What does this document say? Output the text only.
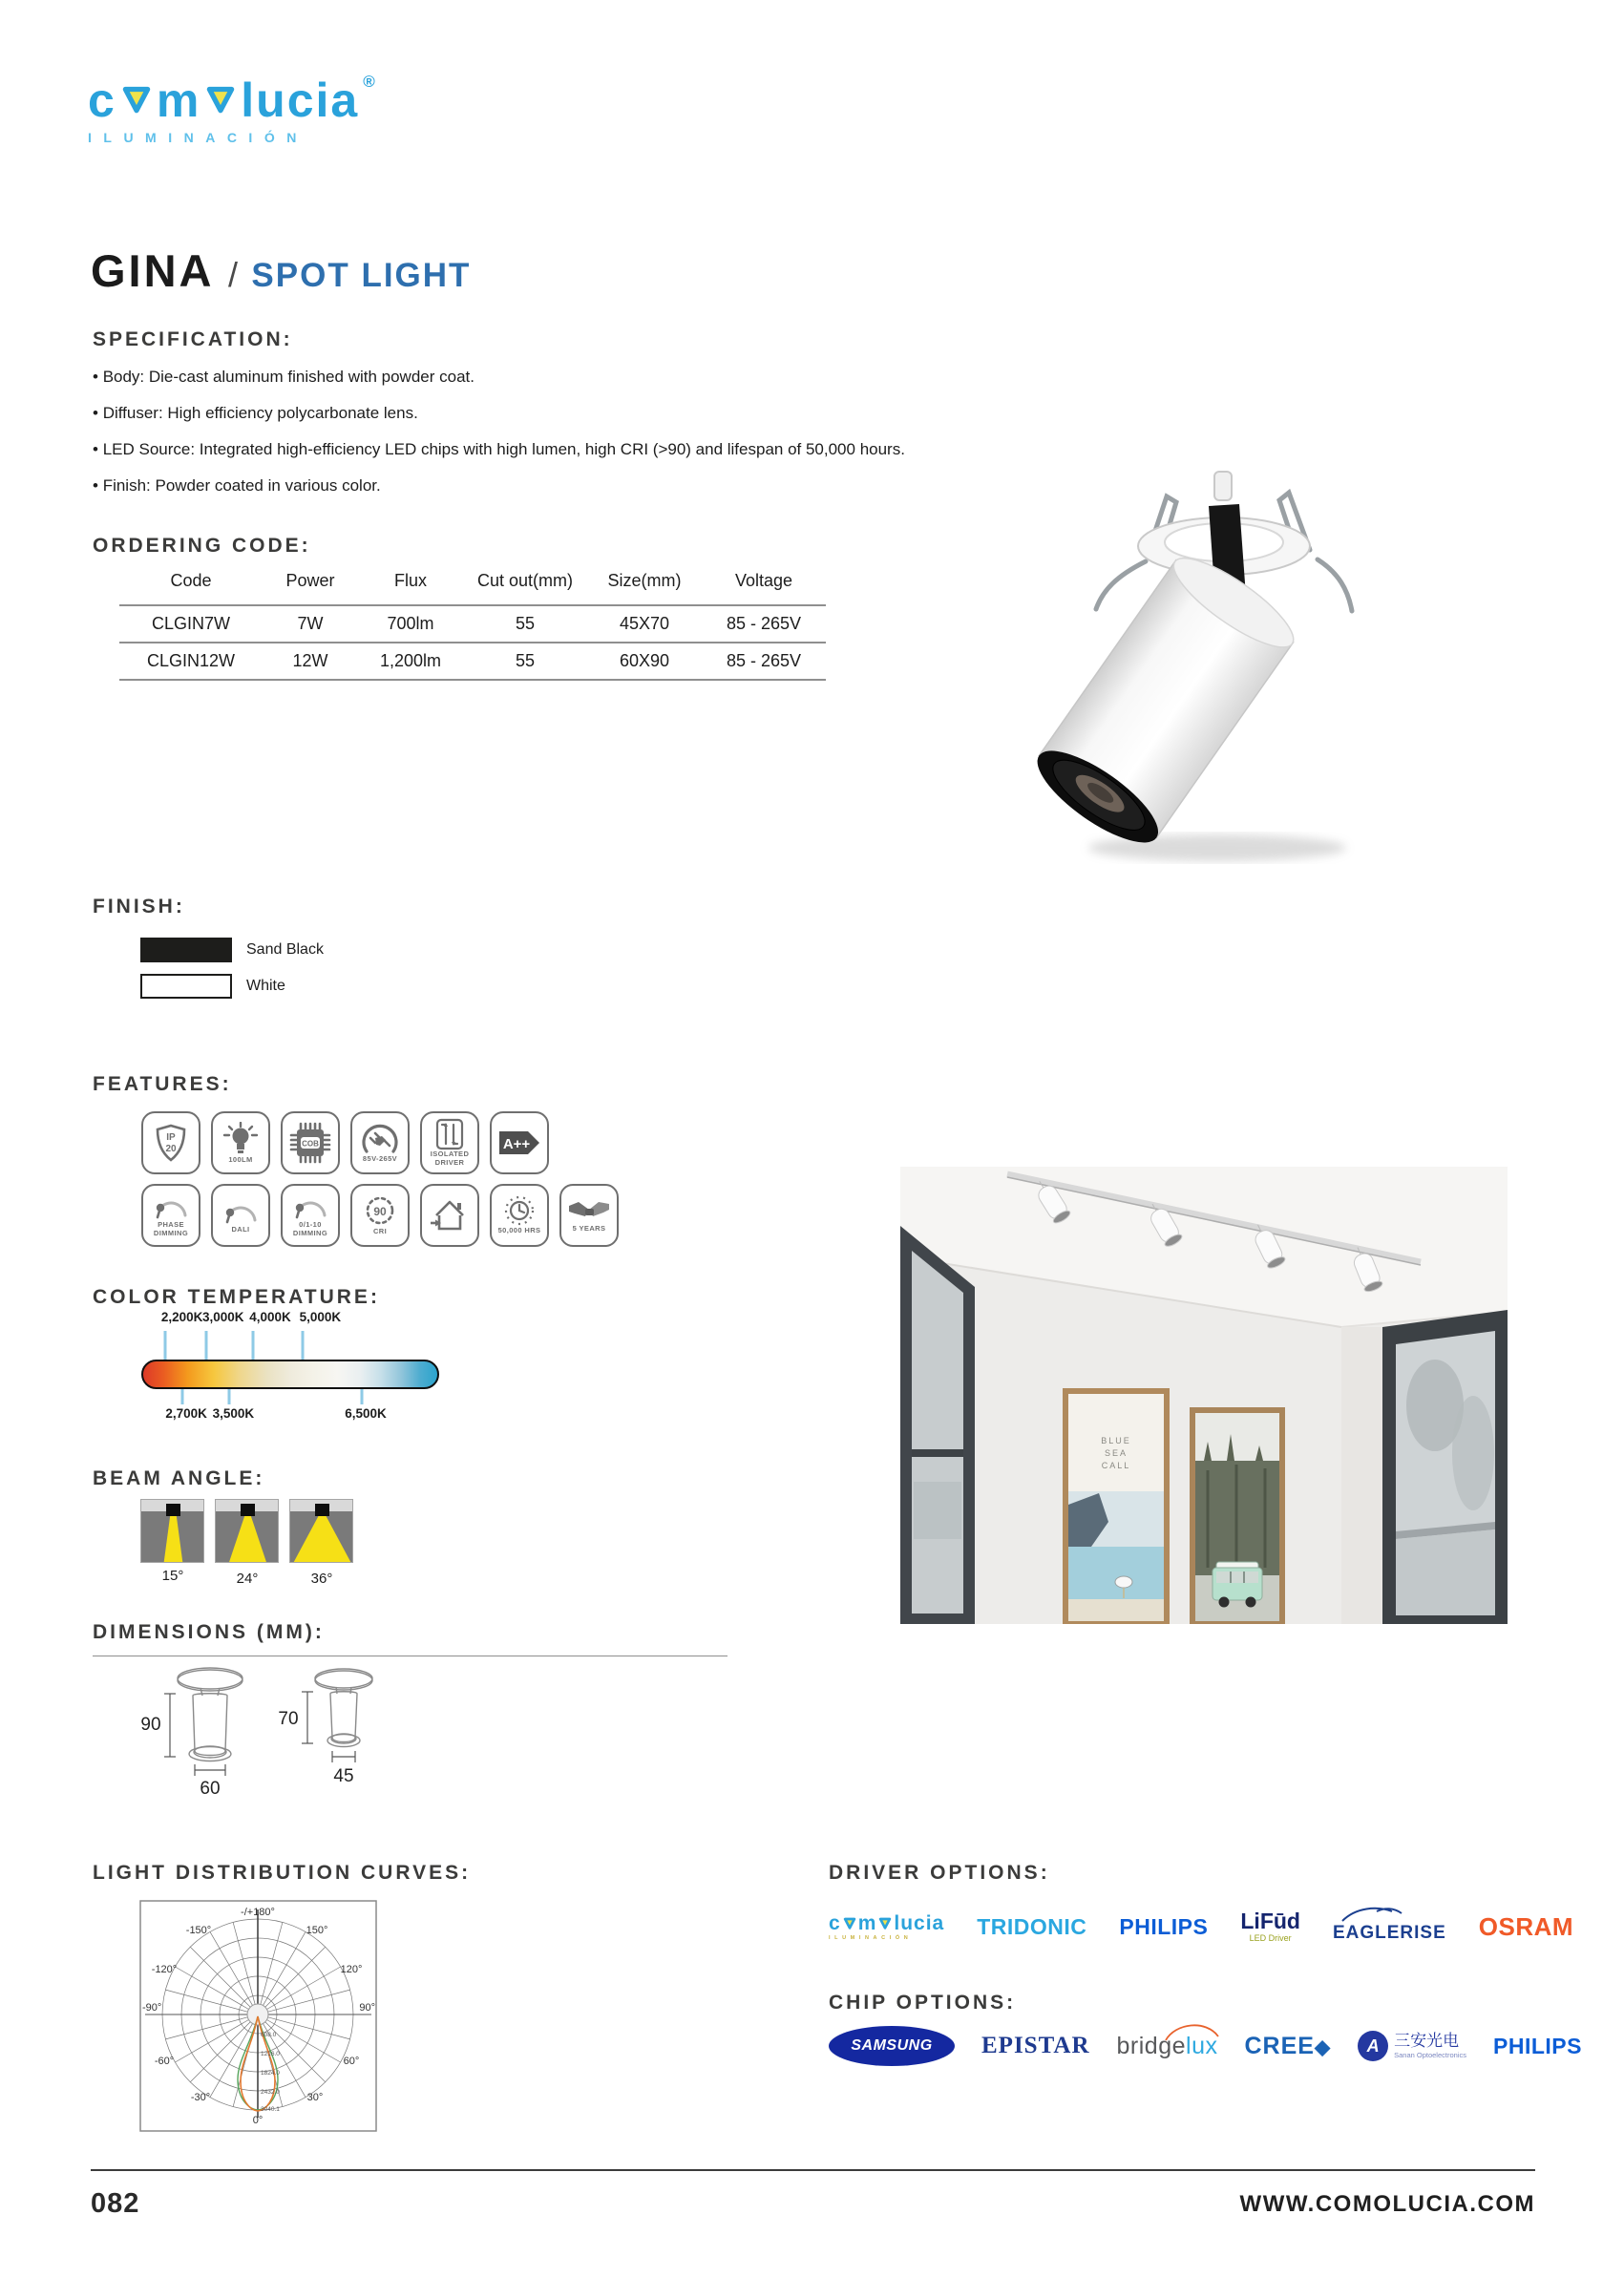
c m lucia ®
ILUMINACIÓN
GINA / SPOT LIGHT
SPECIFICATION:
• Body: Die-cast aluminum finished with powder coat.
• Diffuser: High efficiency polycarbonate lens.
• LED Source: Integrated high-efficiency LED chips with high lumen, high CRI (>90) and lifespan of 50,000 hours.
• Finish: Powder coated in various color.
ORDERING CODE:
Code	Power	Flux	Cut out(mm)	Size(mm)	Voltage
CLGIN7W	7W	700lm	55	45X70	85 - 265V
CLGIN12W	12W	1,200lm	55	60X90	85 - 265V
FINISH:
Sand Black
White
FEATURES:
IP
20
100LM
COB
85V-265V	ISOLATED DRIVER
A++
PHASE DIMMING	DALI	0/1-10 DIMMING
90
CRI	50,000 HRS	5 YEARS
COLOR TEMPERATURE:
2,200K 3,000K 4,000K 5,000K
2,700K 3,500K	6,500K
BEAM ANGLE:
15°	24°	36°
DIMENSIONS (MM):
90
60
70
45
LIGHT DISTRIBUTION CURVES:
-/+180°
150°
-150°
120°
-120°
90°
-90°
60°
-60°
30°
-30°
0°
608.0
1216.0
1824.0
2432.0
3040.1
DRIVER OPTIONS:
c m lucia
ILUMINACIÓN	TRIDONIC PHILIPS LiFūd
LED Driver EAGLERISE OSRAM
CHIP OPTIONS:
SAMSUNG EPISTAR bridgelux CREE◆	A 三安光电
Sanan Optoelectronics PHILIPS
BLUE
SEA
CALL
082	WWW.COMOLUCIA.COM
